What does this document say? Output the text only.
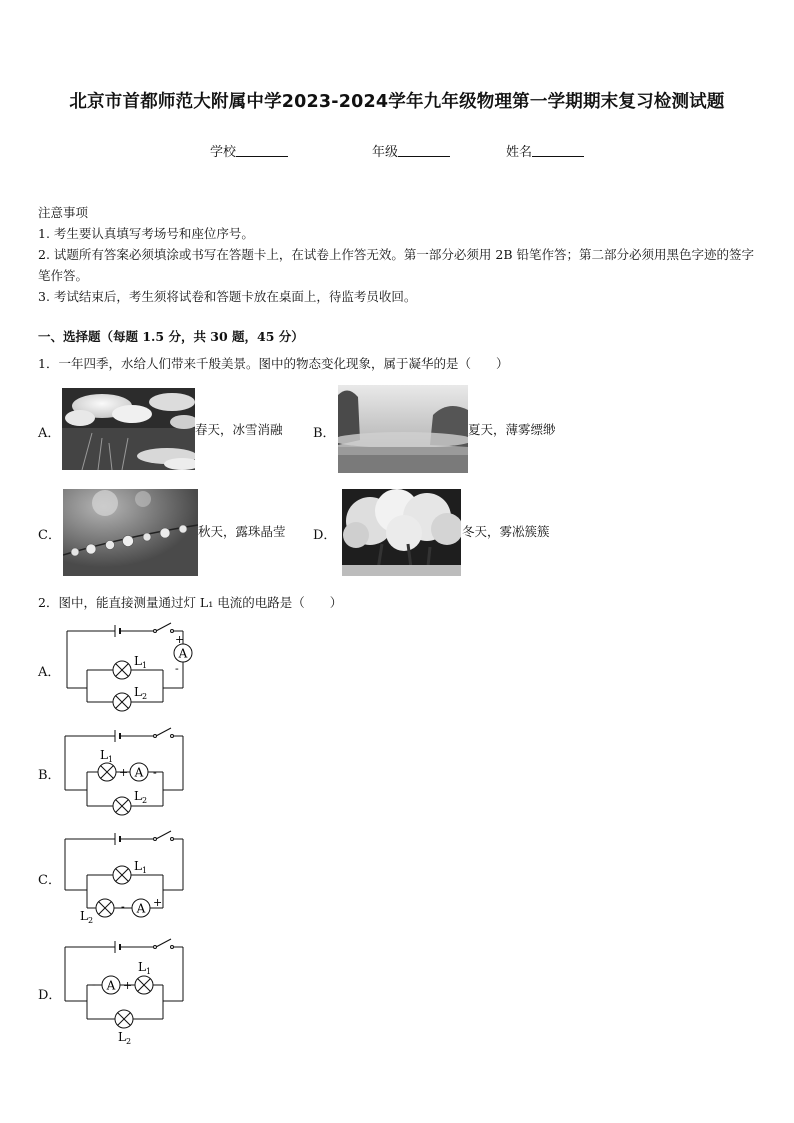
北京市首都师范大附属中学2023-2024学年九年级物理第一学期期末复习检测试题
学校	年级	姓名

注意事项

1. 考生要认真填写考场号和座位序号。

2. 试题所有答案必须填涂或书写在答题卡上，在试卷上作答无效。第一部分必须用 2B 铅笔作答；第二部分必须用黑色字迹的签字笔作答。

3. 考试结束后，考生须将试卷和答题卡放在桌面上，待监考员收回。

一、选择题（每题 1.5 分，共 30 题，45 分）
1．一年四季，水给人们带来千般美景。图中的物态变化现象，属于凝华的是（　　）
A．	春天，冰雪消融 B．	夏天，薄雾缥缈
C．	秋天，露珠晶莹 D．	冬天，雾凇簇簇
2．图中，能直接测量通过灯 L₁ 电流的电路是（　　）
A．
A
+
-
$L_1$
$L_2$
B．	A
+ -
$L_1$
$L_2$
C．
A
-	+
$L_1$
$L_2$
D．
A
- +
$L_1$
$L_2$
